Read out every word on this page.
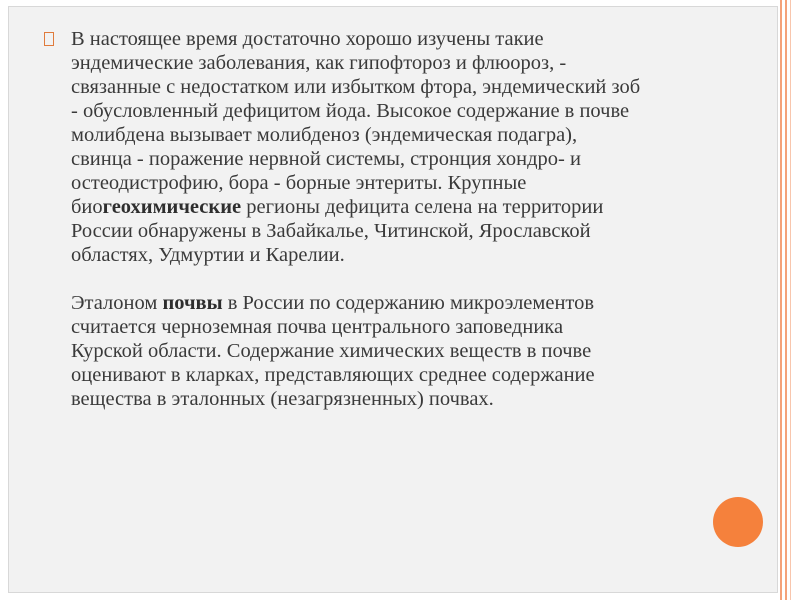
В настоящее время достаточно хорошо изучены такие
эндемические заболевания, как гипофтороз и флюороз, -
связанные с недостатком или избытком фтора, эндемический зоб
- обусловленный дефицитом йода. Высокое содержание в почве
молибдена вызывает молибденоз (эндемическая подагра),
свинца - поражение нервной системы, стронция хондро- и
остеодистрофию, бора - борные энтериты. Крупные
биогеохимические регионы дефицита селена на территории
России обнаружены в Забайкалье, Читинской, Ярославской
областях, Удмуртии и Карелии.
Эталоном почвы в России по содержанию микроэлементов
считается черноземная почва центрального заповедника
Курской области. Содержание химических веществ в почве
оценивают в кларках, представляющих среднее содержание
вещества в эталонных (незагрязненных) почвах.
